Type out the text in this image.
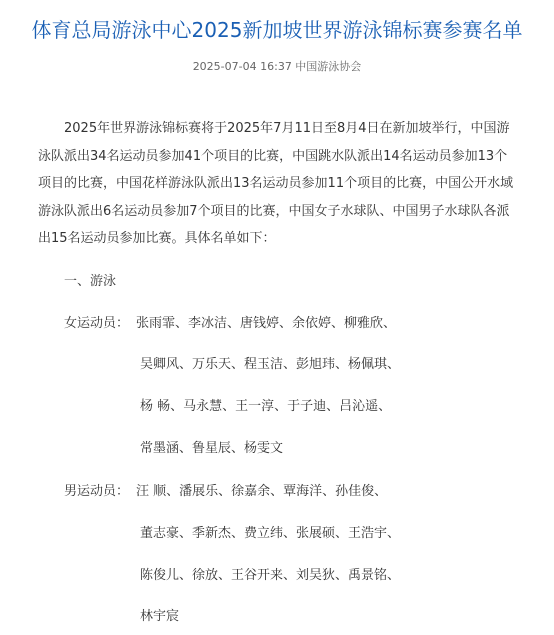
体育总局游泳中心2025新加坡世界游泳锦标赛参赛名单
2025-07-04 16:37 中国游泳协会

2025年世界游泳锦标赛将于2025年7月11日至8月4日在新加坡举行，中国游泳队派出34名运动员参加41个项目的比赛，中国跳水队派出14名运动员参加13个项目的比赛，中国花样游泳队派出13名运动员参加11个项目的比赛，中国公开水域游泳队派出6名运动员参加7个项目的比赛，中国女子水球队、中国男子水球队各派出15名运动员参加比赛。具体名单如下：

一、游泳
女运动员： 张雨霏、李冰洁、唐钱婷、余依婷、柳雅欣、
吴卿风、万乐天、程玉洁、彭旭玮、杨佩琪、
杨 畅、马永慧、王一淳、于子迪、吕沁遥、
常墨涵、鲁星辰、杨雯文
男运动员： 汪 顺、潘展乐、徐嘉余、覃海洋、孙佳俊、
董志豪、季新杰、费立纬、张展硕、王浩宇、
陈俊儿、徐放、王谷开来、刘吴狄、禹景铭、
林宇宸
